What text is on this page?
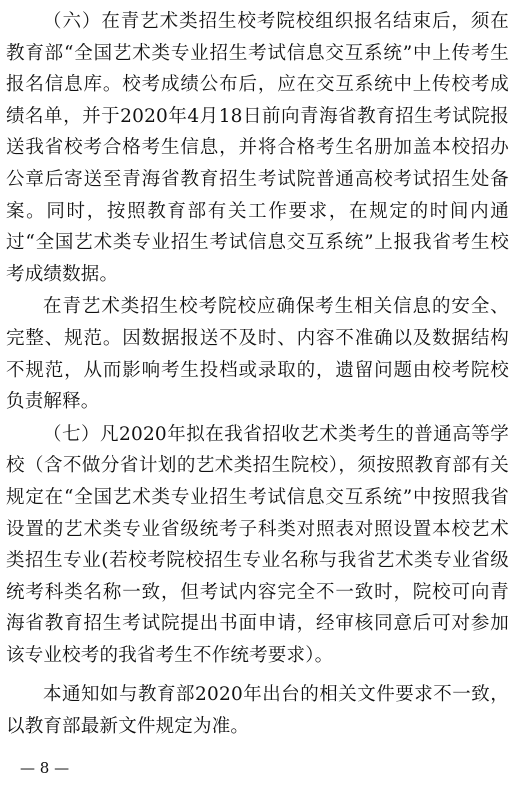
（六）在青艺术类招生校考院校组织报名结束后，须在教育部“全国艺术类专业招生考试信息交互系统”中上传考生报名信息库。校考成绩公布后，应在交互系统中上传校考成绩名单，并于2020年4月18日前向青海省教育招生考试院报送我省校考合格考生信息，并将合格考生名册加盖本校招办公章后寄送至青海省教育招生考试院普通高校考试招生处备案。同时，按照教育部有关工作要求，在规定的时间内通过“全国艺术类专业招生考试信息交互系统”上报我省考生校考成绩数据。

在青艺术类招生校考院校应确保考生相关信息的安全、完整、规范。因数据报送不及时、内容不准确以及数据结构不规范，从而影响考生投档或录取的，遗留问题由校考院校负责解释。

（七）凡2020年拟在我省招收艺术类考生的普通高等学校（含不做分省计划的艺术类招生院校），须按照教育部有关规定在“全国艺术类专业招生考试信息交互系统”中按照我省设置的艺术类专业省级统考子科类对照表对照设置本校艺术类招生专业(若校考院校招生专业名称与我省艺术类专业省级统考科类名称一致，但考试内容完全不一致时，院校可向青海省教育招生考试院提出书面申请，经审核同意后可对参加该专业校考的我省考生不作统考要求）。

本通知如与教育部2020年出台的相关文件要求不一致，以教育部最新文件规定为准。

— 8 —
